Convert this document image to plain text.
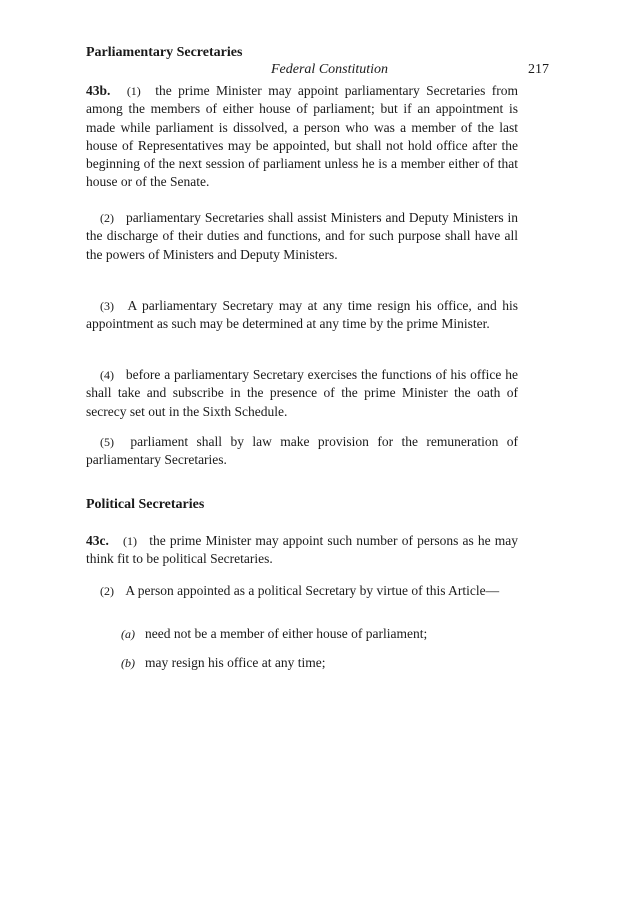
Parliamentary Secretaries
Federal Constitution	217
43b. (1) the prime Minister may appoint parliamentary Secretaries from among the members of either house of parliament; but if an appointment is made while parliament is dissolved, a person who was a member of the last house of Representatives may be appointed, but shall not hold office after the beginning of the next session of parliament unless he is a member either of that house or of the Senate.
(2) parliamentary Secretaries shall assist Ministers and Deputy Ministers in the discharge of their duties and functions, and for such purpose shall have all the powers of Ministers and Deputy Ministers.
(3) A parliamentary Secretary may at any time resign his office, and his appointment as such may be determined at any time by the prime Minister.
(4) before a parliamentary Secretary exercises the functions of his office he shall take and subscribe in the presence of the prime Minister the oath of secrecy set out in the Sixth Schedule.
(5) parliament shall by law make provision for the remuneration of parliamentary Secretaries.
Political Secretaries
43c. (1) the prime Minister may appoint such number of persons as he may think fit to be political Secretaries.
(2) A person appointed as a political Secretary by virtue of this Article—
(a) need not be a member of either house of parliament;
(b) may resign his office at any time;
